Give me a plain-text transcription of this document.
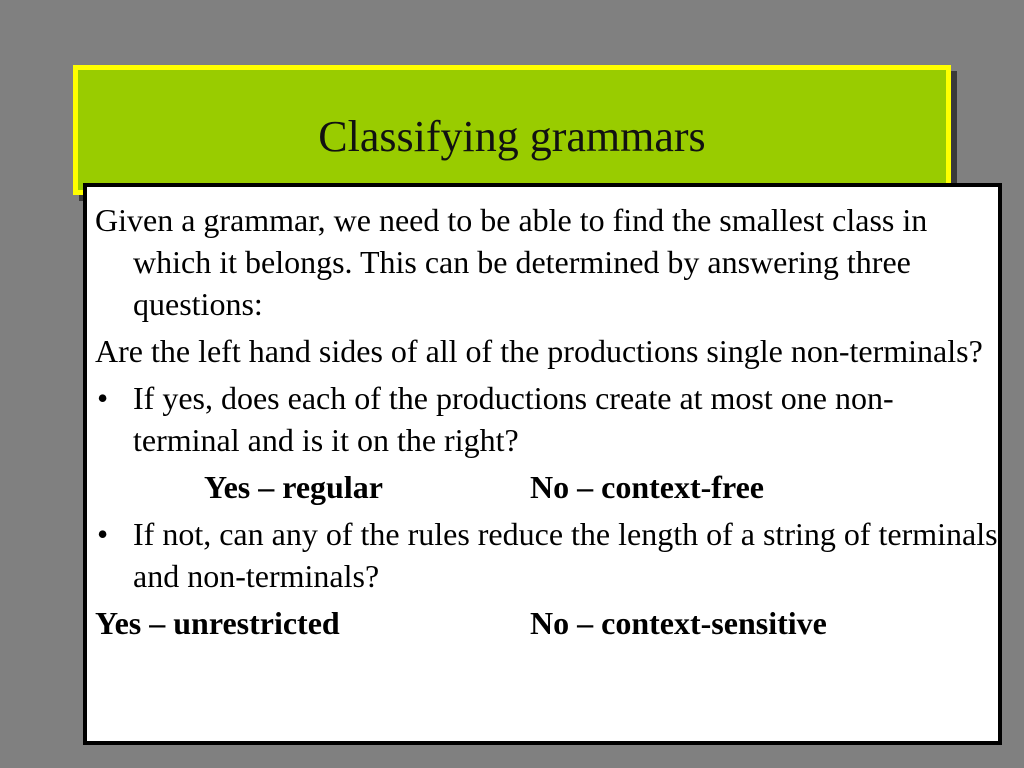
Classifying grammars

Given a grammar, we need to be able to find the smallest class in which it belongs. This can be determined by answering three questions:

Are the left hand sides of all of the productions single non-terminals?

• If yes, does each of the productions create at most one non-terminal and is it on the right?
Yes – regular	No – context-free
• If not, can any of the rules reduce the length of a string of terminals and non-terminals?
Yes – unrestricted	No – context-sensitive
